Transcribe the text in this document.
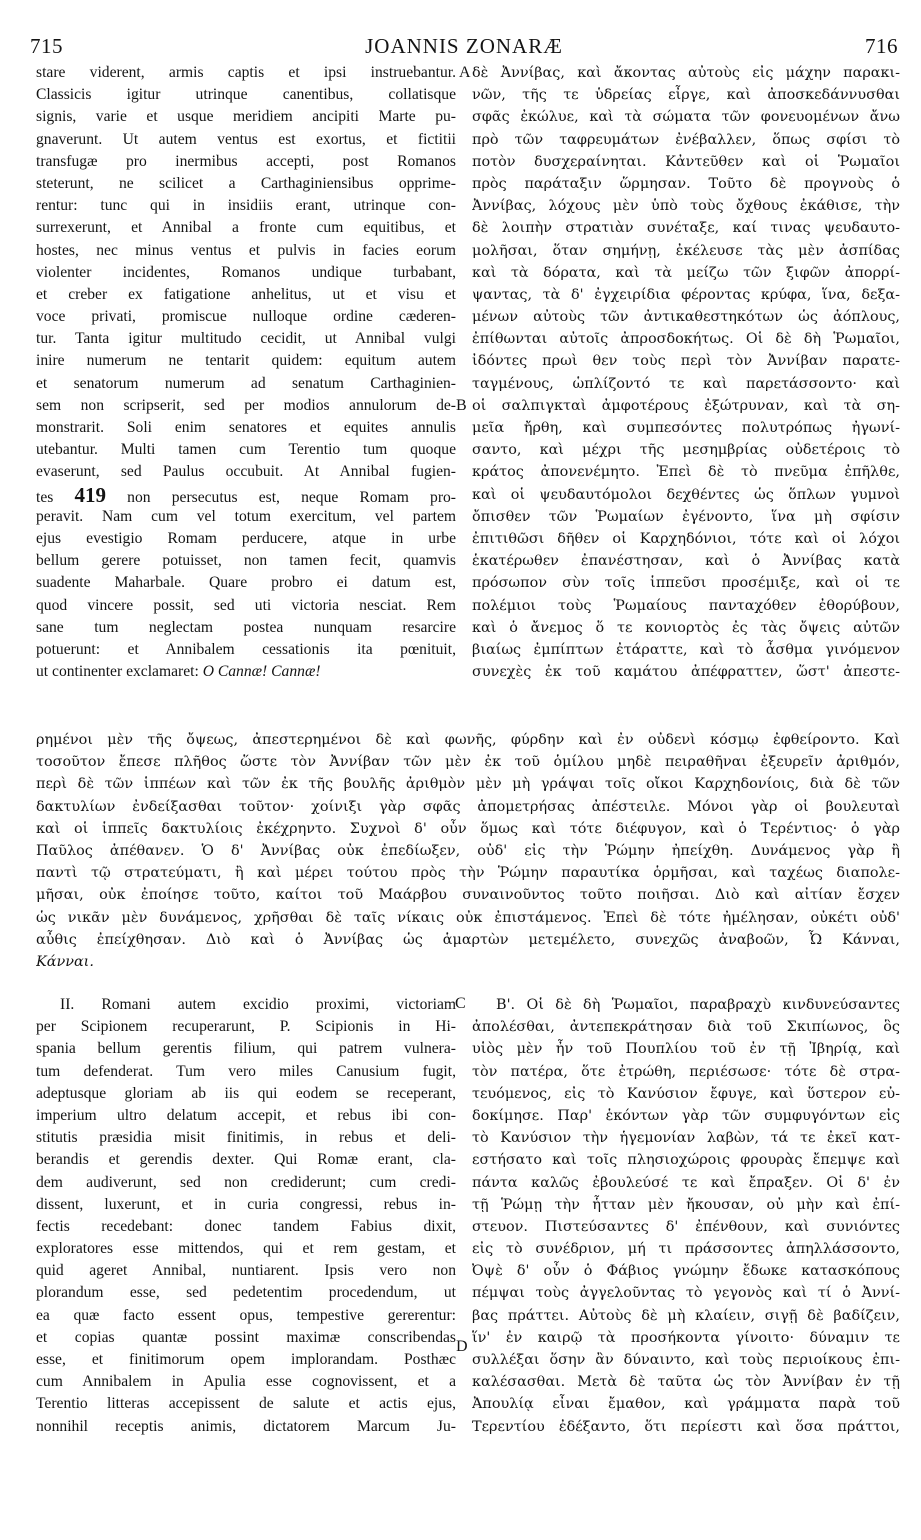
715	JOANNIS ZONARÆ	716
A
B
C
D
stare viderent, armis captis et ipsi instruebantur.
Classicis igitur utrinque canentibus, collatisque
signis, varie et usque meridiem ancipiti Marte pu-
gnaverunt. Ut autem ventus est exortus, et fictitii
transfugæ pro inermibus accepti, post Romanos
steterunt, ne scilicet a Carthaginiensibus opprime-
rentur: tunc qui in insidiis erant, utrinque con-
surrexerunt, et Annibal a fronte cum equitibus, et
hostes, nec minus ventus et pulvis in facies eorum
violenter incidentes, Romanos undique turbabant,
et creber ex fatigatione anhelitus, ut et visu et
voce privati, promiscue nulloque ordine cæderen-
tur. Tanta igitur multitudo cecidit, ut Annibal vulgi
inire numerum ne tentarit quidem: equitum autem
et senatorum numerum ad senatum Carthaginien-
sem non scripserit, sed per modios annulorum de-
monstrarit. Soli enim senatores et equites annulis
utebantur. Multi tamen cum Terentio tum quoque
evaserunt, sed Paulus occubuit. At Annibal fugien-
tes 419 non persecutus est, neque Romam pro-
peravit. Nam cum vel totum exercitum, vel partem
ejus evestigio Romam perducere, atque in urbe
bellum gerere potuisset, non tamen fecit, quamvis
suadente Maharbale. Quare probro ei datum est,
quod vincere possit, sed uti victoria nesciat. Rem
sane tum neglectam postea nunquam resarcire
potuerunt: et Annibalem cessationis ita pœnituit,
ut continenter exclamaret: O Cannæ! Cannæ!
δὲ Ἀννίβας, καὶ ἄκοντας αὐτοὺς εἰς μάχην παρακι-
νῶν, τῆς τε ὑδρείας εἶργε, καὶ ἀποσκεδάννυσθαι
σφᾶς ἐκώλυε, καὶ τὰ σώματα τῶν φονευομένων ἄνω
πρὸ τῶν ταφρευμάτων ἐνέβαλλεν, ὅπως σφίσι τὸ
ποτὸν δυσχεραίνηται. Κἀντεῦθεν καὶ οἱ Ῥωμαῖοι
πρὸς παράταξιν ὥρμησαν. Τοῦτο δὲ προγνοὺς ὁ
Ἀννίβας, λόχους μὲν ὑπὸ τοὺς ὄχθους ἐκάθισε, τὴν
δὲ λοιπὴν στρατιὰν συνέταξε, καί τινας ψευδαυτο-
μολῆσαι, ὅταν σημήνῃ, ἐκέλευσε τὰς μὲν ἀσπίδας
καὶ τὰ δόρατα, καὶ τὰ μείζω τῶν ξιφῶν ἀπορρί-
ψαντας, τὰ δ' ἐγχειρίδια φέροντας κρύφα, ἵνα, δεξα-
μένων αὐτοὺς τῶν ἀντικαθεστηκότων ὡς ἀόπλους,
ἐπίθωνται αὐτοῖς ἀπροσδοκήτως. Οἱ δὲ δὴ Ῥωμαῖοι,
ἰδόντες πρωὶ θεν τοὺς περὶ τὸν Ἀννίβαν παρατε-
ταγμένους, ὡπλίζοντό τε καὶ παρετάσσοντο· καὶ
οἱ σαλπιγκταὶ ἀμφοτέρους ἐξώτρυναν, καὶ τὰ ση-
μεῖα ἤρθη, καὶ συμπεσόντες πολυτρόπως ἠγωνί-
σαντο, καὶ μέχρι τῆς μεσημβρίας οὐδετέροις τὸ
κράτος ἀπονενέμητο. Ἐπεὶ δὲ τὸ πνεῦμα ἐπῆλθε,
καὶ οἱ ψευδαυτόμολοι δεχθέντες ὡς ὅπλων γυμνοὶ
ὄπισθεν τῶν Ῥωμαίων ἐγένοντο, ἵνα μὴ σφίσιν
ἐπιτιθῶσι δῆθεν οἱ Καρχηδόνιοι, τότε καὶ οἱ λόχοι
ἑκατέρωθεν ἐπανέστησαν, καὶ ὁ Ἀννίβας κατὰ
πρόσωπον σὺν τοῖς ἱππεῦσι προσέμιξε, καὶ οἱ τε
πολέμιοι τοὺς Ῥωμαίους πανταχόθεν ἐθορύβουν,
καὶ ὁ ἄνεμος ὅ τε κονιορτὸς ἐς τὰς ὄψεις αὐτῶν
βιαίως ἐμπίπτων ἐτάραττε, καὶ τὸ ἆσθμα γινόμενον
συνεχὲς ἐκ τοῦ καμάτου ἀπέφραττεν, ὥστ' ἀπεστε-
ρημένοι μὲν τῆς ὄψεως, ἀπεστερημένοι δὲ καὶ φωνῆς, φύρδην καὶ ἐν οὐδενὶ κόσμῳ ἐφθείροντο. Καὶ
τοσοῦτον ἔπεσε πλῆθος ὥστε τὸν Ἀννίβαν τῶν μὲν ἐκ τοῦ ὁμίλου μηδὲ πειραθῆναι ἐξευρεῖν ἀριθμόν,
περὶ δὲ τῶν ἱππέων καὶ τῶν ἐκ τῆς βουλῆς ἀριθμὸν μὲν μὴ γράψαι τοῖς οἴκοι Καρχηδονίοις, διὰ δὲ τῶν
δακτυλίων ἐνδείξασθαι τοῦτον· χοίνιξι γὰρ σφᾶς ἀπομετρήσας ἀπέστειλε. Μόνοι γὰρ οἱ βουλευταὶ
καὶ οἱ ἱππεῖς δακτυλίοις ἐκέχρηντο. Συχνοὶ δ' οὖν ὅμως καὶ τότε διέφυγον, καὶ ὁ Τερέντιος· ὁ γὰρ
Παῦλος ἀπέθανεν. Ὁ δ' Ἀννίβας οὐκ ἐπεδίωξεν, οὐδ' εἰς τὴν Ῥώμην ἠπείχθη. Δυνάμενος γὰρ ἢ
παντὶ τῷ στρατεύματι, ἢ καὶ μέρει τούτου πρὸς τὴν Ῥώμην παραυτίκα ὁρμῆσαι, καὶ ταχέως διαπολε-
μῆσαι, οὐκ ἐποίησε τοῦτο, καίτοι τοῦ Μαάρβου συναινοῦντος τοῦτο ποιῆσαι. Διὸ καὶ αἰτίαν ἔσχεν
ὡς νικᾶν μὲν δυνάμενος, χρῆσθαι δὲ ταῖς νίκαις οὐκ ἐπιστάμενος. Ἐπεὶ δὲ τότε ἠμέλησαν, οὐκέτι οὐδ'
αὖθις ἐπείχθησαν. Διὸ καὶ ὁ Ἀννίβας ὡς ἁμαρτὼν μετεμέλετο, συνεχῶς ἀναβοῶν, Ὦ Κάνναι,
Κάνναι.
II. Romani autem excidio proximi, victoriam
per Scipionem recuperarunt, P. Scipionis in Hi-
spania bellum gerentis filium, qui patrem vulnera-
tum defenderat. Tum vero miles Canusium fugit,
adeptusque gloriam ab iis qui eodem se receperant,
imperium ultro delatum accepit, et rebus ibi con-
stitutis præsidia misit finitimis, in rebus et deli-
berandis et gerendis dexter. Qui Romæ erant, cla-
dem audiverunt, sed non crediderunt; cum credi-
dissent, luxerunt, et in curia congressi, rebus in-
fectis recedebant: donec tandem Fabius dixit,
exploratores esse mittendos, qui et rem gestam, et
quid ageret Annibal, nuntiarent. Ipsis vero non
plorandum esse, sed pedetentim procedendum, ut
ea quæ facto essent opus, tempestive gererentur:
et copias quantæ possint maximæ conscribendas
esse, et finitimorum opem implorandam. Posthæc
cum Annibalem in Apulia esse cognovissent, et a
Terentio litteras accepissent de salute et actis ejus,
nonnihil receptis animis, dictatorem Marcum Ju-
Β'. Οἱ δὲ δὴ Ῥωμαῖοι, παραβραχὺ κινδυνεύσαντες
ἀπολέσθαι, ἀντεπεκράτησαν διὰ τοῦ Σκιπίωνος, ὃς
υἱὸς μὲν ἦν τοῦ Πουπλίου τοῦ ἐν τῇ Ἰβηρίᾳ, καὶ
τὸν πατέρα, ὅτε ἐτρώθη, περιέσωσε· τότε δὲ στρα-
τευόμενος, εἰς τὸ Κανύσιον ἔφυγε, καὶ ὕστερον εὐ-
δοκίμησε. Παρ' ἑκόντων γὰρ τῶν συμφυγόντων εἰς
τὸ Κανύσιον τὴν ἡγεμονίαν λαβὼν, τά τε ἐκεῖ κατ-
εστήσατο καὶ τοῖς πλησιοχώροις φρουρὰς ἔπεμψε καὶ
πάντα καλῶς ἐβουλεύσέ τε καὶ ἔπραξεν. Οἱ δ' ἐν
τῇ Ῥώμῃ τὴν ἧτταν μὲν ἤκουσαν, οὐ μὴν καὶ ἐπί-
στευον. Πιστεύσαντες δ' ἐπένθουν, καὶ συνιόντες
εἰς τὸ συνέδριον, μή τι πράσσοντες ἀπηλλάσσοντο,
Ὀψὲ δ' οὖν ὁ Φάβιος γνώμην ἔδωκε κατασκόπους
πέμψαι τοὺς ἀγγελοῦντας τὸ γεγονὸς καὶ τί ὁ Ἀννί-
βας πράττει. Αὐτοὺς δὲ μὴ κλαίειν, σιγῇ δὲ βαδίζειν,
ἵν' ἐν καιρῷ τὰ προσήκοντα γίνοιτο· δύναμιν τε
συλλέξαι ὅσην ἂν δύναιντο, καὶ τοὺς περιοίκους ἐπι-
καλέσασθαι. Μετὰ δὲ ταῦτα ὡς τὸν Ἀννίβαν ἐν τῇ
Ἀπουλίᾳ εἶναι ἔμαθον, καὶ γράμματα παρὰ τοῦ
Τερεντίου ἐδέξαντο, ὅτι περίεστι καὶ ὅσα πράττοι,
